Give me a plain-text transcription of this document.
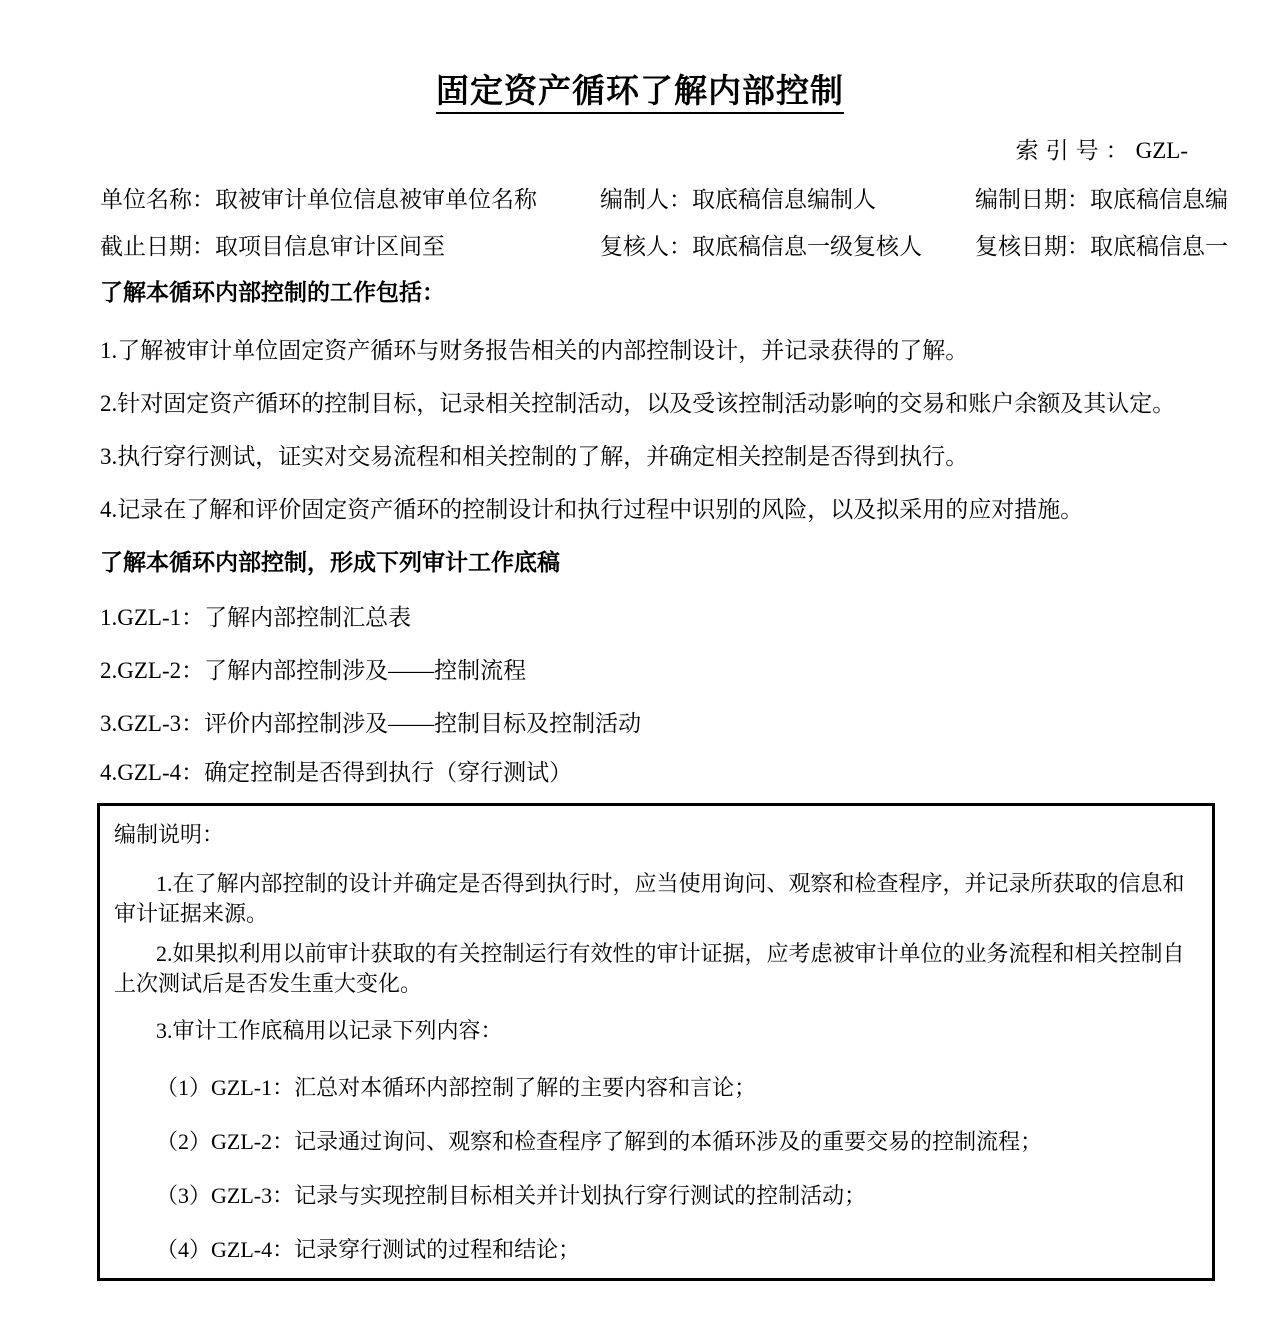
固定资产循环了解内部控制
索引号：GZL-
单位名称：取被审计单位信息被审单位名称	编制人：取底稿信息编制人	编制日期：取底稿信息编
截止日期：取项目信息审计区间至	复核人：取底稿信息一级复核人 复核日期：取底稿信息一
了解本循环内部控制的工作包括：
1.了解被审计单位固定资产循环与财务报告相关的内部控制设计，并记录获得的了解。
2.针对固定资产循环的控制目标，记录相关控制活动，以及受该控制活动影响的交易和账户余额及其认定。
3.执行穿行测试，证实对交易流程和相关控制的了解，并确定相关控制是否得到执行。
4.记录在了解和评价固定资产循环的控制设计和执行过程中识别的风险，以及拟采用的应对措施。
了解本循环内部控制，形成下列审计工作底稿
1.GZL-1：了解内部控制汇总表
2.GZL-2：了解内部控制涉及——控制流程
3.GZL-3：评价内部控制涉及——控制目标及控制活动
4.GZL-4：确定控制是否得到执行（穿行测试）
编制说明：
1.在了解内部控制的设计并确定是否得到执行时，应当使用询问、观察和检查程序，并记录所获取的信息和审计证据来源。
2.如果拟利用以前审计获取的有关控制运行有效性的审计证据，应考虑被审计单位的业务流程和相关控制自上次测试后是否发生重大变化。
3.审计工作底稿用以记录下列内容：
（1）GZL-1：汇总对本循环内部控制了解的主要内容和言论；
（2）GZL-2：记录通过询问、观察和检查程序了解到的本循环涉及的重要交易的控制流程；
（3）GZL-3：记录与实现控制目标相关并计划执行穿行测试的控制活动；
（4）GZL-4：记录穿行测试的过程和结论；
